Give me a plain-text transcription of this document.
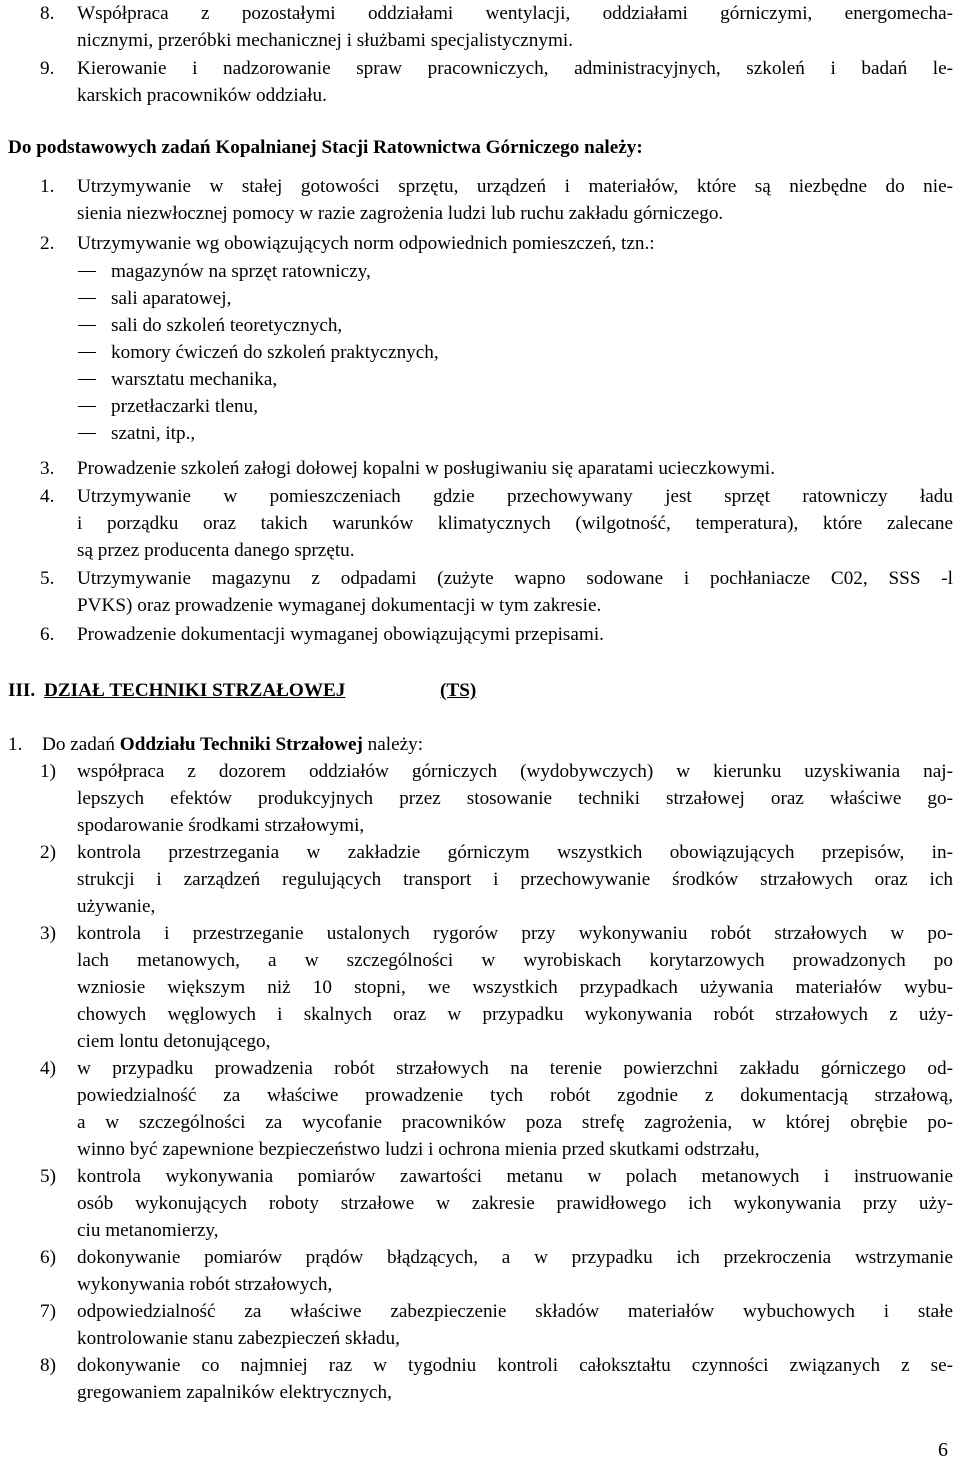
8. Współpraca z pozostałymi oddziałami wentylacji, oddziałami górniczymi, energomecha-
nicznymi, przeróbki mechanicznej i służbami specjalistycznymi.
9. Kierowanie i nadzorowanie spraw pracowniczych, administracyjnych, szkoleń i badań le-
karskich pracowników oddziału.
Do podstawowych zadań Kopalnianej Stacji Ratownictwa Górniczego należy:
1. Utrzymywanie w stałej gotowości sprzętu, urządzeń i materiałów, które są niezbędne do nie-
sienia niezwłocznej pomocy w razie zagrożenia ludzi lub ruchu zakładu górniczego.
2. Utrzymywanie wg obowiązujących norm odpowiednich pomieszczeń, tzn.:
magazynów na sprzęt ratowniczy,
sali aparatowej,
sali do szkoleń teoretycznych,
komory ćwiczeń do szkoleń praktycznych,
warsztatu mechanika,
przetłaczarki tlenu,
szatni, itp.,
3. Prowadzenie szkoleń załogi dołowej kopalni w posługiwaniu się aparatami ucieczkowymi.
4. Utrzymywanie w pomieszczeniach gdzie przechowywany jest sprzęt ratowniczy ładu
i porządku oraz takich warunków klimatycznych (wilgotność, temperatura), które zalecane
są przez producenta danego sprzętu.
5. Utrzymywanie magazynu z odpadami (zużyte wapno sodowane i pochłaniacze C02, SSS -l
PVKS) oraz prowadzenie wymaganej dokumentacji w tym zakresie.
6. Prowadzenie dokumentacji wymaganej obowiązującymi przepisami.
III. DZIAŁ TECHNIKI STRZAŁOWEJ	(TS)
1. Do zadań Oddziału Techniki Strzałowej należy:
1) współpraca z dozorem oddziałów górniczych (wydobywczych) w kierunku uzyskiwania naj-
lepszych efektów produkcyjnych przez stosowanie techniki strzałowej oraz właściwe go-
spodarowanie środkami strzałowymi,
2) kontrola przestrzegania w zakładzie górniczym wszystkich obowiązujących przepisów, in-
strukcji i zarządzeń regulujących transport i przechowywanie środków strzałowych oraz ich
używanie,
3) kontrola i przestrzeganie ustalonych rygorów przy wykonywaniu robót strzałowych w po-
lach metanowych, a w szczególności w wyrobiskach korytarzowych prowadzonych po
wzniosie większym niż 10 stopni, we wszystkich przypadkach używania materiałów wybu-
chowych węglowych i skalnych oraz w przypadku wykonywania robót strzałowych z uży-
ciem lontu detonującego,
4) w przypadku prowadzenia robót strzałowych na terenie powierzchni zakładu górniczego od-
powiedzialność za właściwe prowadzenie tych robót zgodnie z dokumentacją strzałową,
a w szczególności za wycofanie pracowników poza strefę zagrożenia, w której obrębie po-
winno być zapewnione bezpieczeństwo ludzi i ochrona mienia przed skutkami odstrzału,
5) kontrola wykonywania pomiarów zawartości metanu w polach metanowych i instruowanie
osób wykonujących roboty strzałowe w zakresie prawidłowego ich wykonywania przy uży-
ciu metanomierzy,
6) dokonywanie pomiarów prądów błądzących, a w przypadku ich przekroczenia wstrzymanie
wykonywania robót strzałowych,
7) odpowiedzialność za właściwe zabezpieczenie składów materiałów wybuchowych i stałe
kontrolowanie stanu zabezpieczeń składu,
8) dokonywanie co najmniej raz w tygodniu kontroli całokształtu czynności związanych z se-
gregowaniem zapalników elektrycznych,
6
